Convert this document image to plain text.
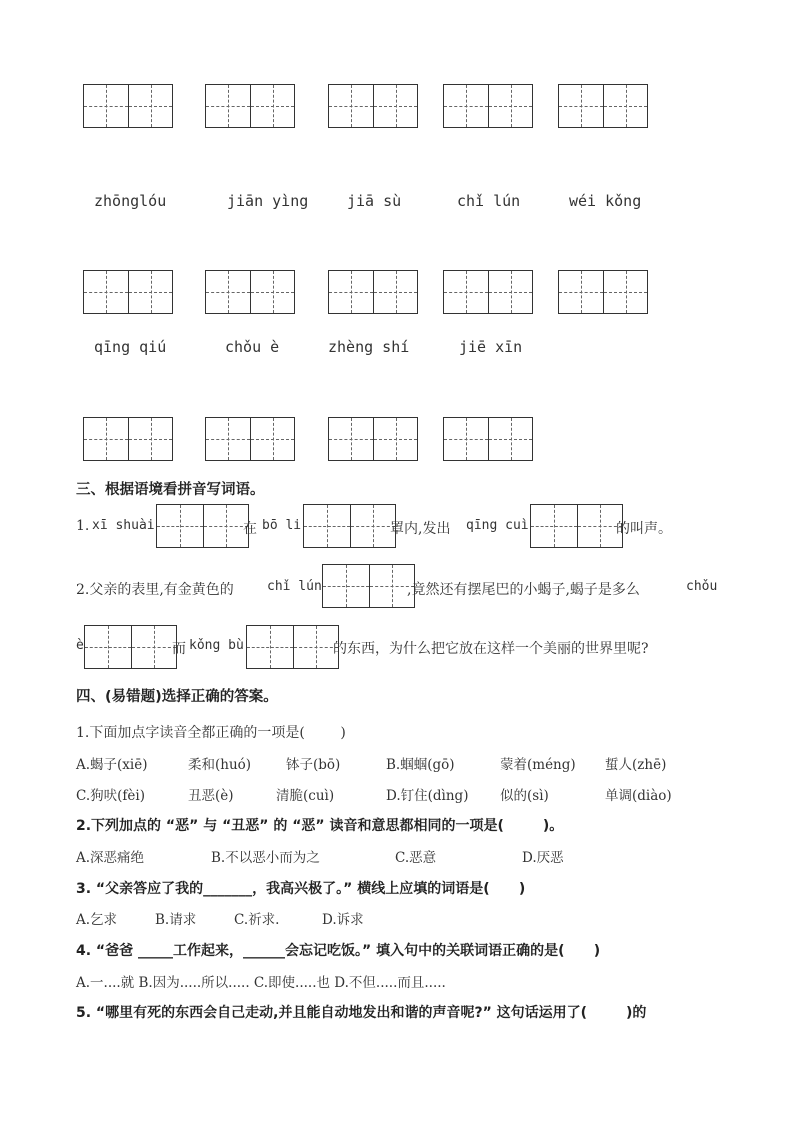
zhōnglóu	jiān yìng	jiā sù	chǐ lún	wéi kǒng
qīng qiú	chǒu è	zhèng shí	jiē xīn
三、根据语境看拼音写词语。
1. xī shuài	在 bō li	罩内,发出 qīng cuì	的叫声。
2.父亲的表里,有金黄色的	chǐ lún	,竟然还有摆尾巴的小蝎子,蝎子是多么	chǒu
è	而 kǒng bù	的东西，为什么把它放在这样一个美丽的世界里呢?
四、(易错题)选择正确的答案。
1.下面加点字读音全都正确的一项是(        )
A.蝎子(xiē)	柔和(huó)	钵子(bō)	B.蝈蝈(gō)	蒙着(méng) 蜇人(zhē)
C.狗吠(fèi)	丑恶(è)	清脆(cuì)	D.钉住(dìng) 似的(sì)	单调(diào)
2.下列加点的 “恶” 与 “丑恶” 的 “恶” 读音和意思都相同的一项是(        )。
A.深恶痛绝	B.不以恶小而为之	C.恶意	D.厌恶
3. “父亲答应了我的_______，我高兴极了。” 横线上应填的词语是(      )
A.乞求	B.请求	C.祈求.	D.诉求
4. “爸爸 _____工作起来，______会忘记吃饭。” 填入句中的关联词语正确的是(      )
A.一....就 B.因为.....所以..... C.即使.....也 D.不但.....而且.....
5. “哪里有死的东西会自己走动,并且能自动地发出和谐的声音呢?” 这句话运用了(        )的
